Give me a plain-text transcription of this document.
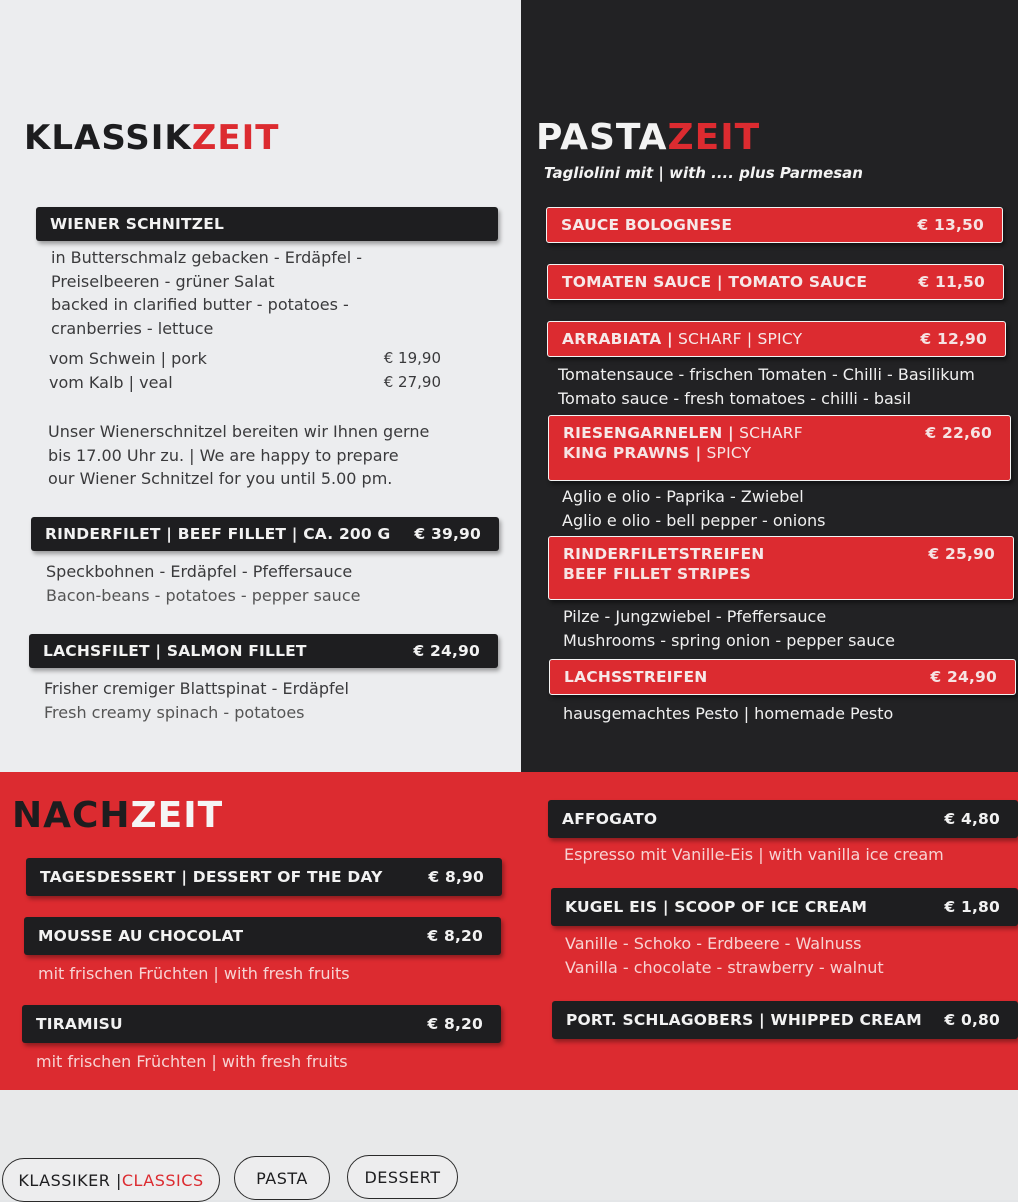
KLASSIKZEIT
WIENER SCHNITZEL
in Butterschmalz gebacken - Erdäpfel -
Preiselbeeren - grüner Salat
backed in clarified butter - potatoes -
cranberries - lettuce
vom Schwein | pork	€ 19,90
vom Kalb | veal	€ 27,90
Unser Wienerschnitzel bereiten wir Ihnen gerne
bis 17.00 Uhr zu. | We are happy to prepare
our Wiener Schnitzel for you until 5.00 pm.
RINDERFILET | BEEF FILLET | CA. 200 G € 39,90
Speckbohnen - Erdäpfel - Pfeffersauce
Bacon-beans - potatoes - pepper sauce
LACHSFILET | SALMON FILLET	€ 24,90
Frisher cremiger Blattspinat - Erdäpfel
Fresh creamy spinach - potatoes
PASTAZEIT
Tagliolini mit | with .... plus Parmesan
SAUCE BOLOGNESE	€ 13,50
TOMATEN SAUCE | TOMATO SAUCE	€ 11,50
ARRABIATA | SCHARF | SPICY	€ 12,90
Tomatensauce - frischen Tomaten - Chilli - Basilikum
Tomato sauce - fresh tomatoes - chilli - basil
RIESENGARNELEN | SCHARF	€ 22,60
KING PRAWNS | SPICY
Aglio e olio - Paprika - Zwiebel
Aglio e olio - bell pepper - onions
RINDERFILETSTREIFEN	€ 25,90
BEEF FILLET STRIPES
Pilze - Jungzwiebel - Pfeffersauce
Mushrooms - spring onion - pepper sauce
LACHSSTREIFEN	€ 24,90
hausgemachtes Pesto | homemade Pesto
NACHZEIT
TAGESDESSERT | DESSERT OF THE DAY	€ 8,90
MOUSSE AU CHOCOLAT	€ 8,20
mit frischen Früchten | with fresh fruits
TIRAMISU	€ 8,20
mit frischen Früchten | with fresh fruits
AFFOGATO	€ 4,80
Espresso mit Vanille-Eis | with vanilla ice cream
KUGEL EIS | SCOOP OF ICE CREAM	€ 1,80
Vanille - Schoko - Erdbeere - Walnuss
Vanilla - chocolate - strawberry - walnut
PORT. SCHLAGOBERS | WHIPPED CREAM € 0,80
KLASSIKER | CLASSICS	PASTA	DESSERT
